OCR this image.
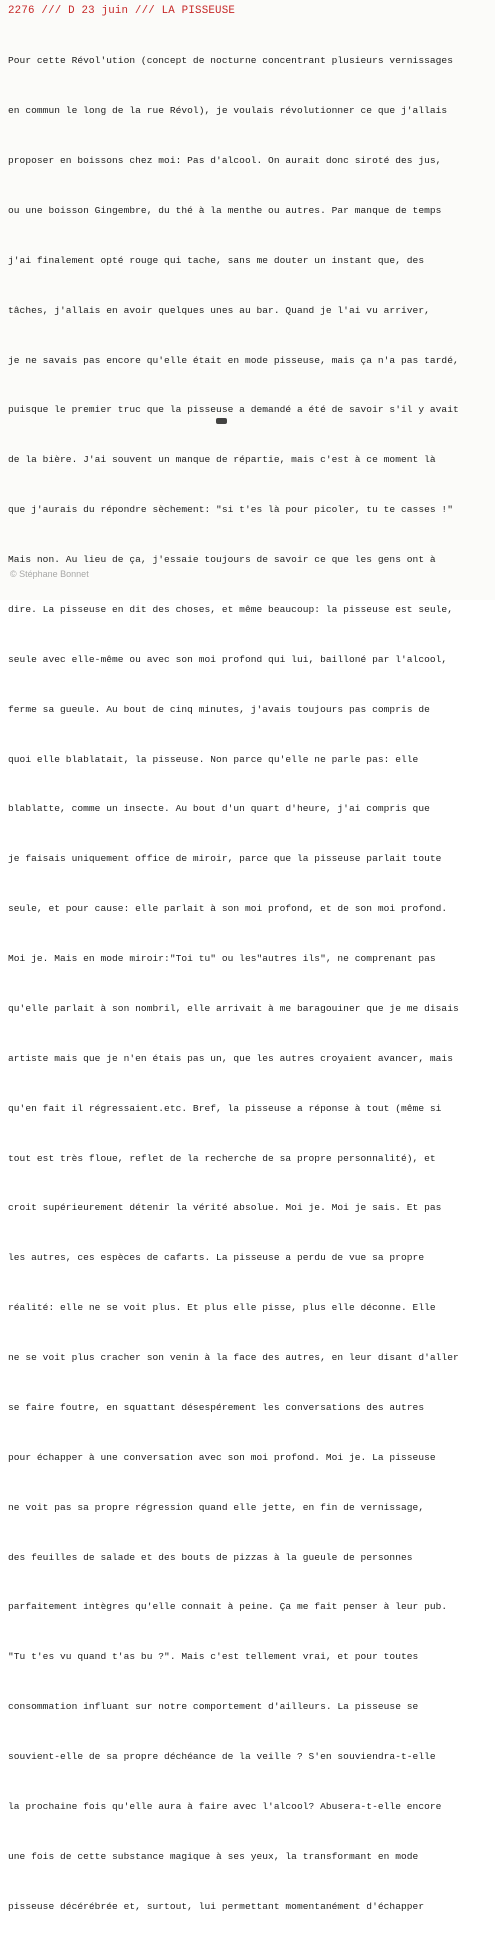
2276 /// D 23 juin /// LA PISSEUSE

Pour cette Révol'ution (concept de nocturne concentrant plusieurs vernissages

en commun le long de la rue Révol), je voulais révolutionner ce que j'allais

proposer en boissons chez moi: Pas d'alcool. On aurait donc siroté des jus,

ou une boisson Gingembre, du thé à la menthe ou autres. Par manque de temps

j'ai finalement opté rouge qui tache, sans me douter un instant que, des

tâches, j'allais en avoir quelques unes au bar. Quand je l'ai vu arriver,

je ne savais pas encore qu'elle était en mode pisseuse, mais ça n'a pas tardé,

puisque le premier truc que la pisseuse a demandé a été de savoir s'il y avait

de la bière. J'ai souvent un manque de répartie, mais c'est à ce moment là

que j'aurais du répondre sèchement: "si t'es là pour picoler, tu te casses !"

Mais non. Au lieu de ça, j'essaie toujours de savoir ce que les gens ont à

dire. La pisseuse en dit des choses, et même beaucoup: la pisseuse est seule,

seule avec elle-même ou avec son moi profond qui lui, bailloné par l'alcool,

ferme sa gueule. Au bout de cinq minutes, j'avais toujours pas compris de

quoi elle blablatait, la pisseuse. Non parce qu'elle ne parle pas: elle

blablatte, comme un insecte. Au bout d'un quart d'heure, j'ai compris que

je faisais uniquement office de miroir, parce que la pisseuse parlait toute

seule, et pour cause: elle parlait à son moi profond, et de son moi profond.

Moi je. Mais en mode miroir:"Toi tu" ou les"autres ils", ne comprenant pas

qu'elle parlait à son nombril, elle arrivait à me baragouiner que je me disais

artiste mais que je n'en étais pas un, que les autres croyaient avancer, mais

qu'en fait il régressaient.etc. Bref, la pisseuse a réponse à tout (même si

tout est très floue, reflet de la recherche de sa propre personnalité), et

croit supérieurement détenir la vérité absolue. Moi je. Moi je sais. Et pas

les autres, ces espèces de cafarts. La pisseuse a perdu de vue sa propre

réalité: elle ne se voit plus. Et plus elle pisse, plus elle déconne. Elle

ne se voit plus cracher son venin à la face des autres, en leur disant d'aller

se faire foutre, en squattant désespérement les conversations des autres

pour échapper à une conversation avec son moi profond. Moi je. La pisseuse

ne voit pas sa propre régression quand elle jette, en fin de vernissage,

des feuilles de salade et des bouts de pizzas à la gueule de personnes

parfaitement intègres qu'elle connait à peine. Ça me fait penser à leur pub.

"Tu t'es vu quand t'as bu ?". Mais c'est tellement vrai, et pour toutes

consommation influant sur notre comportement d'ailleurs. La pisseuse se

souvient-elle de sa propre déchéance de la veille ? S'en souviendra-t-elle

la prochaine fois qu'elle aura à faire avec l'alcool? Abusera-t-elle encore

une fois de cette substance magique à ses yeux, la transformant en mode

pisseuse décérébrée et, surtout, lui permettant momentanément d'échapper

© Stéphane Bonnet
